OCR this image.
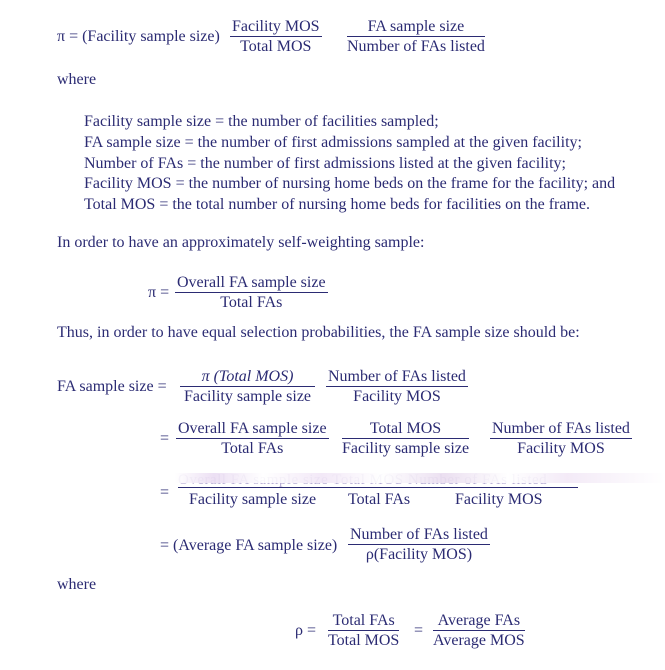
π = (Facility sample size)
Facility MOS
Total MOS
FA sample size
Number of FAs listed
where
Facility sample size = the number of facilities sampled;
FA sample size = the number of first admissions sampled at the given facility;
Number of FAs = the number of first admissions listed at the given facility;
Facility MOS = the number of nursing home beds on the frame for the facility; and
Total MOS = the total number of nursing home beds for facilities on the frame.
In order to have an approximately self-weighting sample:
π =
Overall FA sample size
Total FAs
Thus, in order to have equal selection probabilities, the FA sample size should be:
FA sample size =
π (Total MOS)
Facility sample size
Number of FAs listed
Facility MOS
=
Overall FA sample size
Total FAs
Total MOS
Facility sample size
Number of FAs listed
Facility MOS
= Facility sample size Total FAs	Facility MOS
= (Average FA sample size)
Number of FAs listed
ρ(Facility MOS)
where
ρ =
Total FAs
Total MOS
=
Average FAs
Average MOS
